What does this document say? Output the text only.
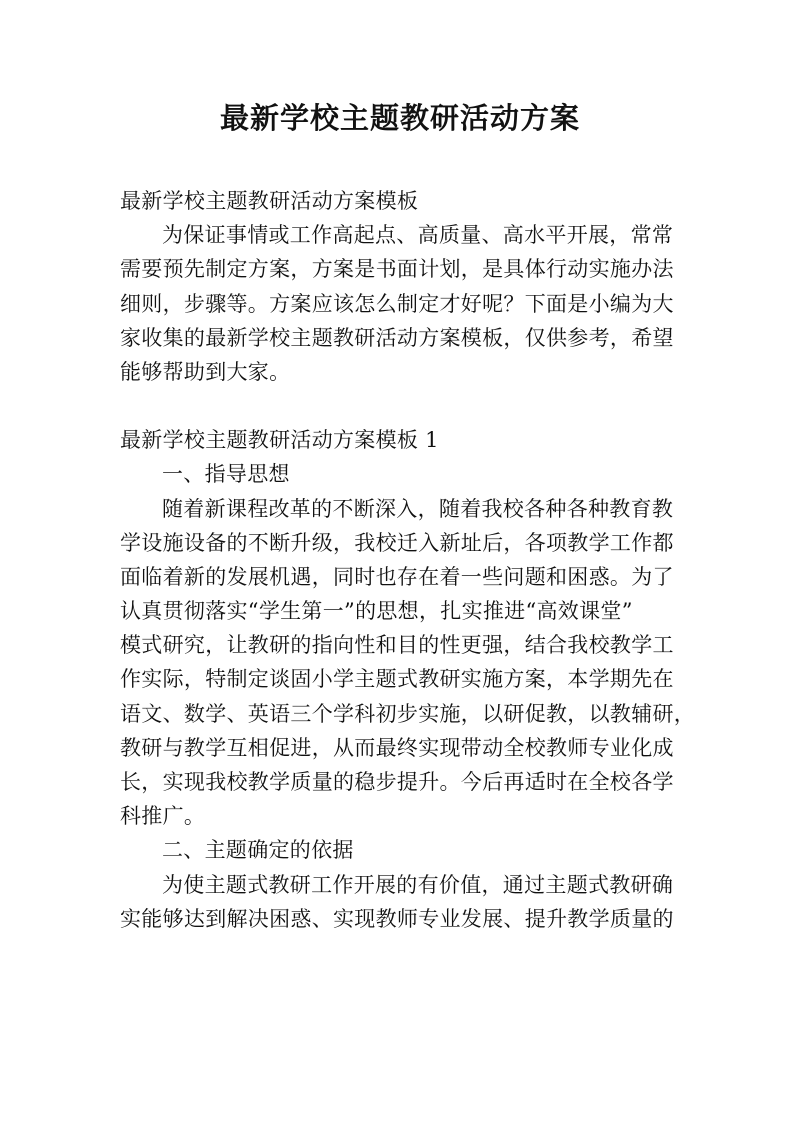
最新学校主题教研活动方案
最新学校主题教研活动方案模板
为保证事情或工作高起点、高质量、高水平开展，常常
需要预先制定方案，方案是书面计划，是具体行动实施办法
细则，步骤等。方案应该怎么制定才好呢？下面是小编为大
家收集的最新学校主题教研活动方案模板，仅供参考，希望
能够帮助到大家。
最新学校主题教研活动方案模板 1
一、指导思想
随着新课程改革的不断深入，随着我校各种各种教育教
学设施设备的不断升级，我校迁入新址后，各项教学工作都
面临着新的发展机遇，同时也存在着一些问题和困惑。为了
认真贯彻落实“学生第一”的思想，扎实推进“高效课堂”
模式研究，让教研的指向性和目的性更强，结合我校教学工
作实际，特制定谈固小学主题式教研实施方案，本学期先在
语文、数学、英语三个学科初步实施，以研促教，以教辅研，
教研与教学互相促进，从而最终实现带动全校教师专业化成
长，实现我校教学质量的稳步提升。今后再适时在全校各学
科推广。
二、主题确定的依据
为使主题式教研工作开展的有价值，通过主题式教研确
实能够达到解决困惑、实现教师专业发展、提升教学质量的
